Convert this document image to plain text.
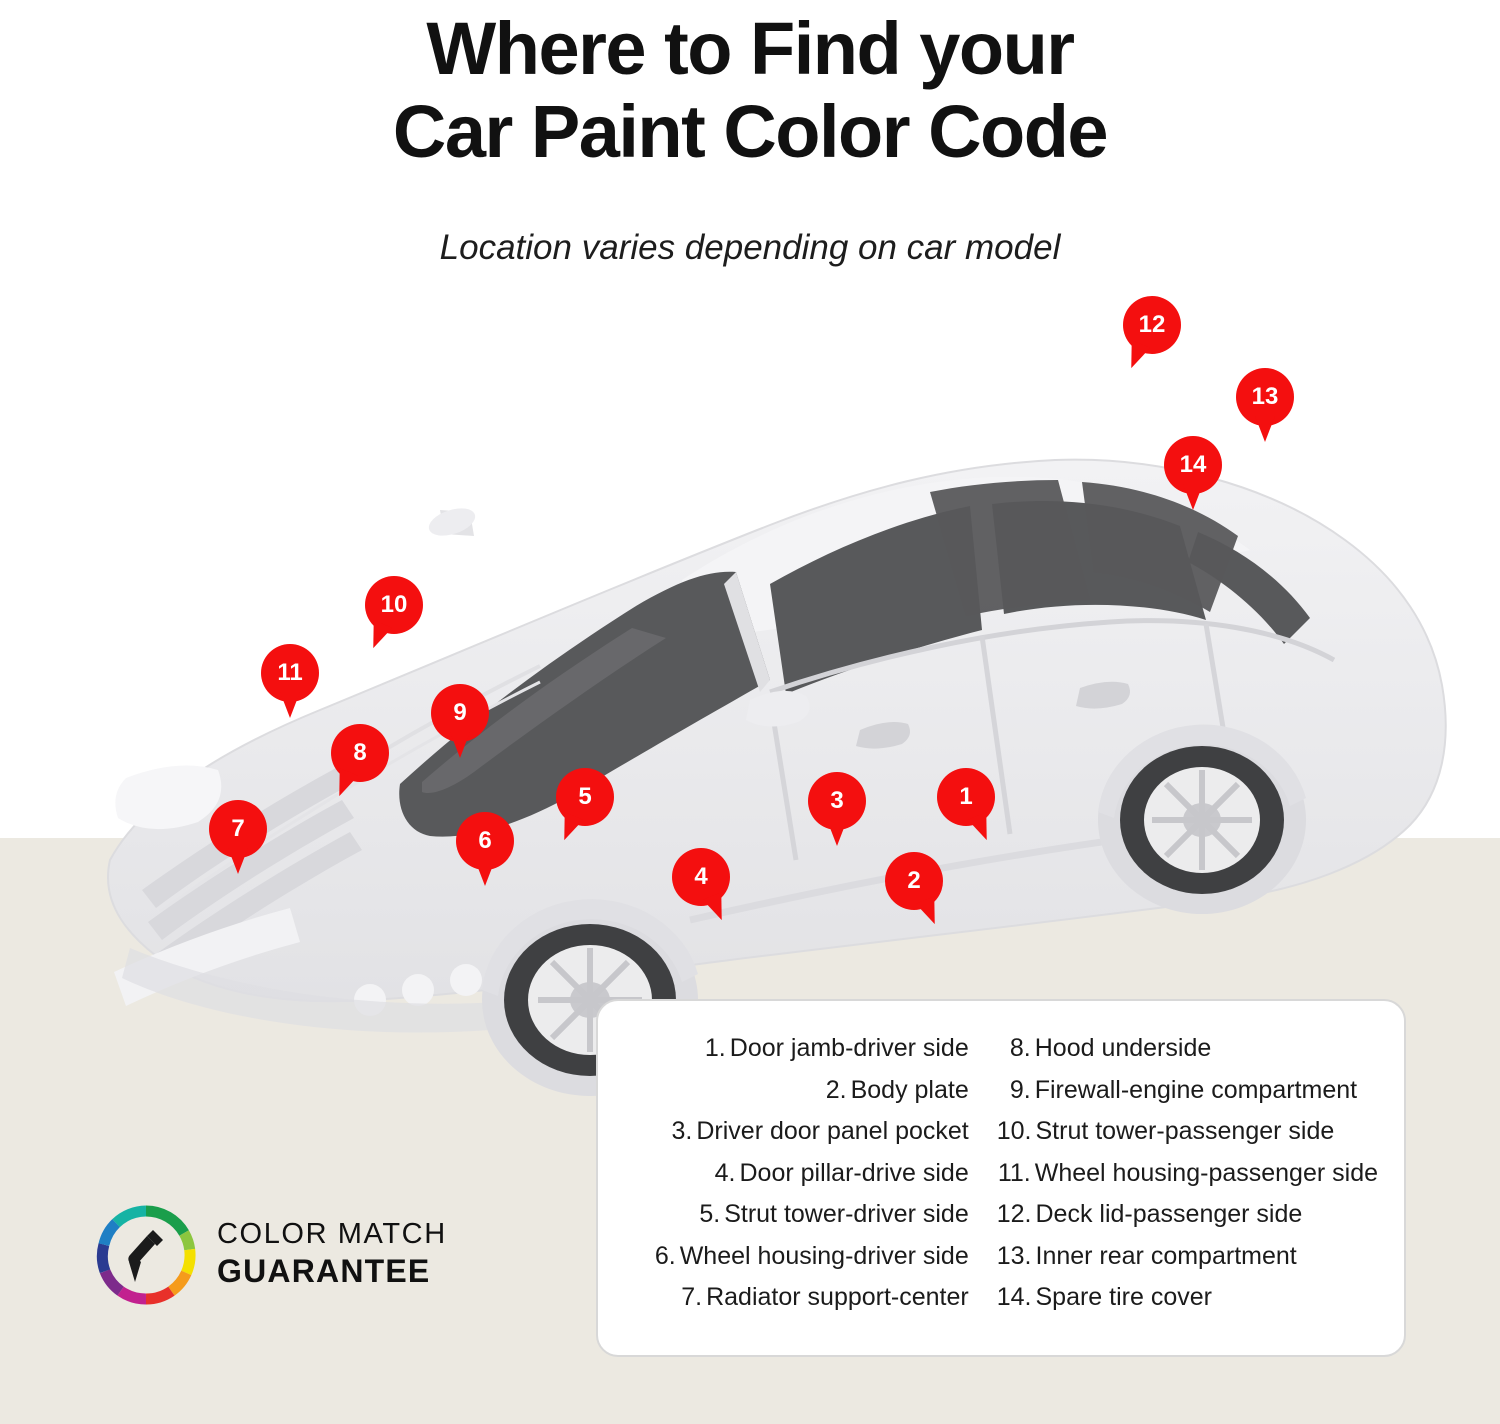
Where to Find your
Car Paint Color Code
Location varies depending on car model
1
2
3
4
5
6
7
8
9
10
11
12
13
14
1. Door jamb-driver side
2. Body plate
3. Driver door panel pocket
4. Door pillar-drive side
5. Strut tower-driver side
6. Wheel housing-driver side
7. Radiator support-center
8. Hood underside
9. Firewall-engine compartment
10. Strut tower-passenger side
11. Wheel housing-passenger side
12. Deck lid-passenger side
13. Inner rear compartment
14. Spare tire cover
COLOR MATCH
GUARANTEE
